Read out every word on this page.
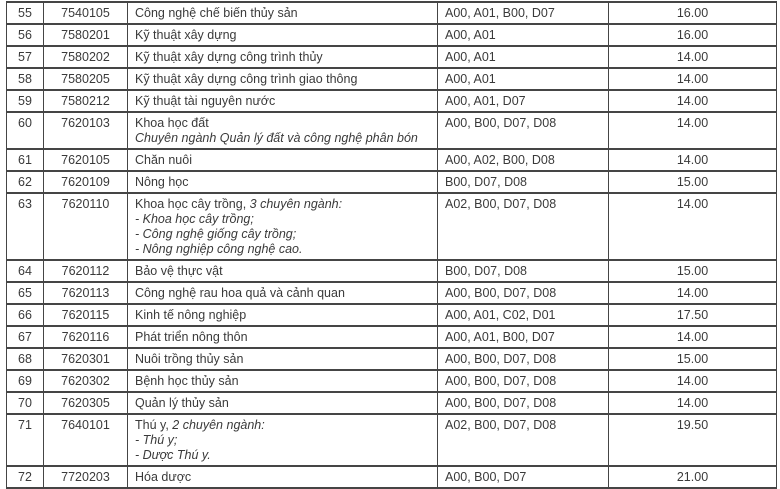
55	7540105	Công nghệ chế biến thủy sản	A00, A01, B00, D07	16.00
56	7580201	Kỹ thuật xây dựng	A00, A01	16.00
57	7580202	Kỹ thuật xây dựng công trình thủy	A00, A01	14.00
58	7580205	Kỹ thuật xây dựng công trình giao thông	A00, A01	14.00
59	7580212	Kỹ thuật tài nguyên nước	A00, A01, D07	14.00
60	7620103	Khoa học đất
Chuyên ngành Quản lý đất và công nghệ phân bón	A00, B00, D07, D08	14.00
61	7620105	Chăn nuôi	A00, A02, B00, D08	14.00
62	7620109	Nông học	B00, D07, D08	15.00
63	7620110	Khoa học cây trồng, 3 chuyên ngành:
- Khoa học cây trồng;
- Công nghệ giống cây trồng;
- Nông nghiệp công nghệ cao.	A02, B00, D07, D08	14.00
64	7620112	Bảo vệ thực vật	B00, D07, D08	15.00
65	7620113	Công nghệ rau hoa quả và cảnh quan	A00, B00, D07, D08	14.00
66	7620115	Kinh tế nông nghiệp	A00, A01, C02, D01	17.50
67	7620116	Phát triển nông thôn	A00, A01, B00, D07	14.00
68	7620301	Nuôi trồng thủy sản	A00, B00, D07, D08	15.00
69	7620302	Bệnh học thủy sản	A00, B00, D07, D08	14.00
70	7620305	Quản lý thủy sản	A00, B00, D07, D08	14.00
71	7640101	Thú y, 2 chuyên ngành:
- Thú y;
- Dược Thú y.	A02, B00, D07, D08	19.50
72	7720203	Hóa dược	A00, B00, D07	21.00
